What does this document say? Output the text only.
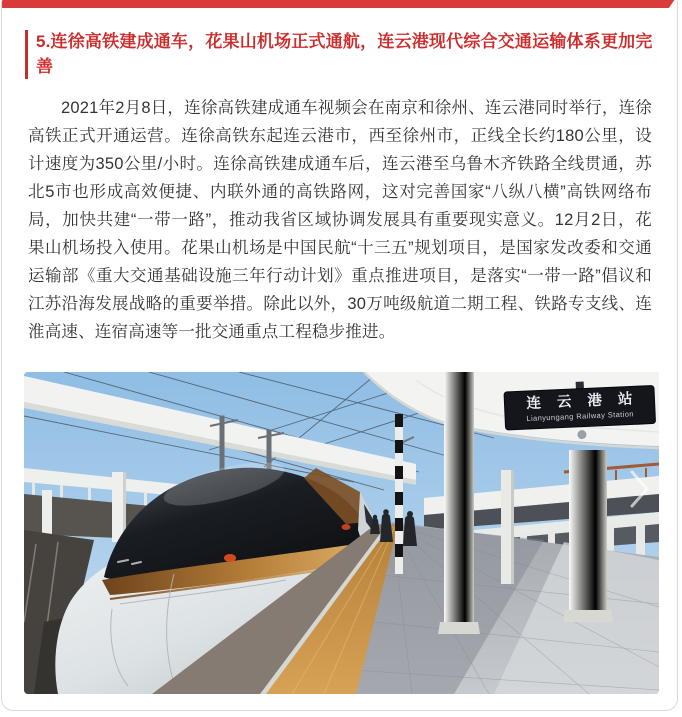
5.连徐高铁建成通车，花果山机场正式通航，连云港现代综合交通运输体系更加完善

2021年2月8日，连徐高铁建成通车视频会在南京和徐州、连云港同时举行，连徐高铁正式开通运营。连徐高铁东起连云港市，西至徐州市，正线全长约180公里，设计速度为350公里/小时。连徐高铁建成通车后，连云港至乌鲁木齐铁路全线贯通，苏北5市也形成高效便捷、内联外通的高铁路网，这对完善国家“八纵八横”高铁网络布局，加快共建“一带一路”，推动我省区域协调发展具有重要现实意义。12月2日，花果山机场投入使用。花果山机场是中国民航“十三五”规划项目，是国家发改委和交通运输部《重大交通基础设施三年行动计划》重点推进项目，是落实“一带一路”倡议和江苏沿海发展战略的重要举措。除此以外，30万吨级航道二期工程、铁路专支线、连淮高速、连宿高速等一批交通重点工程稳步推进。

连 云 港 站
Lianyungang Railway Station
